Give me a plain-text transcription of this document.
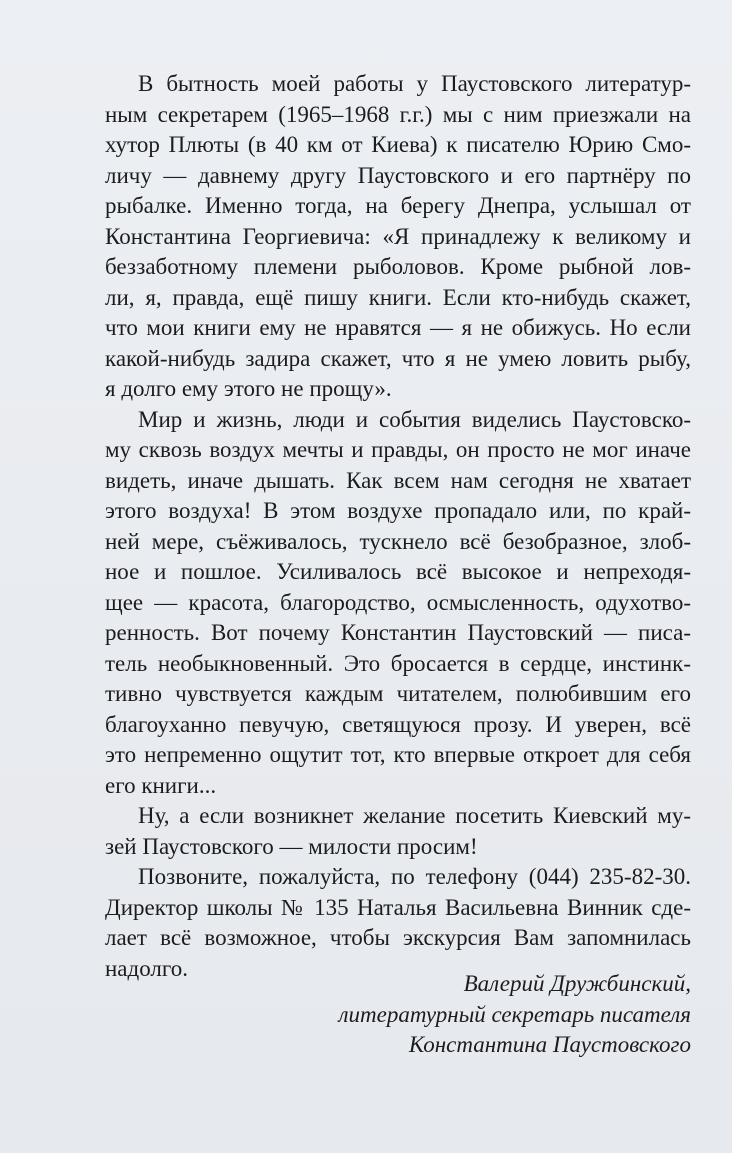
В бытность моей работы у Паустовского литератур-
ным секретарем (1965–1968 г.г.) мы с ним приезжали на
хутор Плюты (в 40 км от Киева) к писателю Юрию Смо-
личу — давнему другу Паустовского и его партнёру по
рыбалке. Именно тогда, на берегу Днепра, услышал от
Константина Георгиевича: «Я принадлежу к великому и
беззаботному племени рыболовов. Кроме рыбной лов-
ли, я, правда, ещё пишу книги. Если кто-нибудь скажет,
что мои книги ему не нравятся — я не обижусь. Но если
какой-нибудь задира скажет, что я не умею ловить рыбу,
я долго ему этого не прощу».
Мир и жизнь, люди и события виделись Паустовско-
му сквозь воздух мечты и правды, он просто не мог иначе
видеть, иначе дышать. Как всем нам сегодня не хватает
этого воздуха! В этом воздухе пропадало или, по край-
ней мере, съёживалось, тускнело всё безобразное, злоб-
ное и пошлое. Усиливалось всё высокое и непреходя-
щее — красота, благородство, осмысленность, одухотво-
ренность. Вот почему Константин Паустовский — писа-
тель необыкновенный. Это бросается в сердце, инстинк-
тивно чувствуется каждым читателем, полюбившим его
благоуханно певучую, светящуюся прозу. И уверен, всё
это непременно ощутит тот, кто впервые откроет для себя
его книги...
Ну, а если возникнет желание посетить Киевский му-
зей Паустовского — милости просим!
Позвоните, пожалуйста, по телефону (044) 235-82-30.
Директор школы № 135 Наталья Васильевна Винник сде-
лает всё возможное, чтобы экскурсия Вам запомнилась
надолго.
Валерий Дружбинский,
литературный секретарь писателя
Константина Паустовского
